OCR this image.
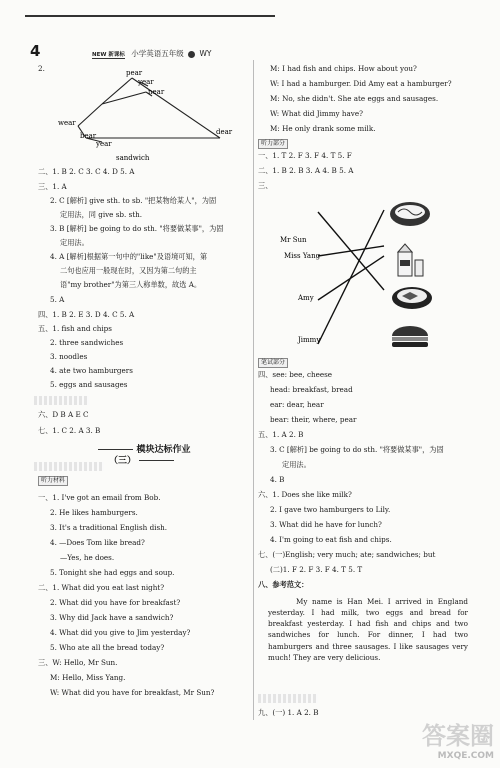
4	NEW 新课标 小学英语五年级 WY
2.	pear
year
near
wear
bear
year
dear
sandwich
二、1. B 2. C 3. C 4. D 5. A
三、1. A
2. C [解析] give sth. to sb. "把某物给某人"，为固
定用法，同 give sb. sth.
3. B [解析] be going to do sth. "将要做某事"，为固
定用法。
4. A [解析]根据第一句中的"like"及语境可知，第
二句也应用一般现在时，又因为第二句的主
语"my brother"为第三人称单数，故选 A。
5. A
四、1. B 2. E 3. D 4. C 5. A
五、1. fish and chips
2. three sandwiches
3. noodles
4. ate two hamburgers
5. eggs and sausages
六、D B A E C
七、1. C 2. A 3. B
模块达标作业（三）
听力材料
一、1. I've got an email from Bob.
2. He likes hamburgers.
3. It's a traditional English dish.
4. —Does Tom like bread?
—Yes, he does.
5. Tonight she had eggs and soup.
二、1. What did you eat last night?
2. What did you have for breakfast?
3. Why did Jack have a sandwich?
4. What did you give to Jim yesterday?
5. Who ate all the bread today?
三、W: Hello, Mr Sun.
M: Hello, Miss Yang.
W: What did you have for breakfast, Mr Sun?
M: I had fish and chips. How about you?
W: I had a hamburger. Did Amy eat a hamburger?
M: No, she didn't. She ate eggs and sausages.
W: What did Jimmy have?
M: He only drank some milk.
听力部分
一、1. T 2. F 3. F 4. T 5. F
二、1. B 2. B 3. A 4. B 5. A
三、
Mr Sun
Miss Yang
Amy
Jimmy
笔试部分
四、see: bee, cheese
head: breakfast, bread
ear: dear, hear
bear: their, where, pear
五、1. A 2. B
3. C [解析] be going to do sth. "将要做某事"，为固
定用法。
4. B
六、1. Does she like milk?
2. I gave two hamburgers to Lily.
3. What did he have for lunch?
4. I'm going to eat fish and chips.
七、(一)English; very much; ate; sandwiches; but
(二)1. F 2. F 3. F 4. T 5. T
八、参考范文：
My name is Han Mei. I arrived in England yesterday. I had milk, two eggs and bread for breakfast yesterday. I had fish and chips and two sandwiches for lunch. For dinner, I had two hamburgers and three sausages. I like sausages very much! They are very delicious.
九、(一) 1. A 2. B
答案圈
MXQE.COM
